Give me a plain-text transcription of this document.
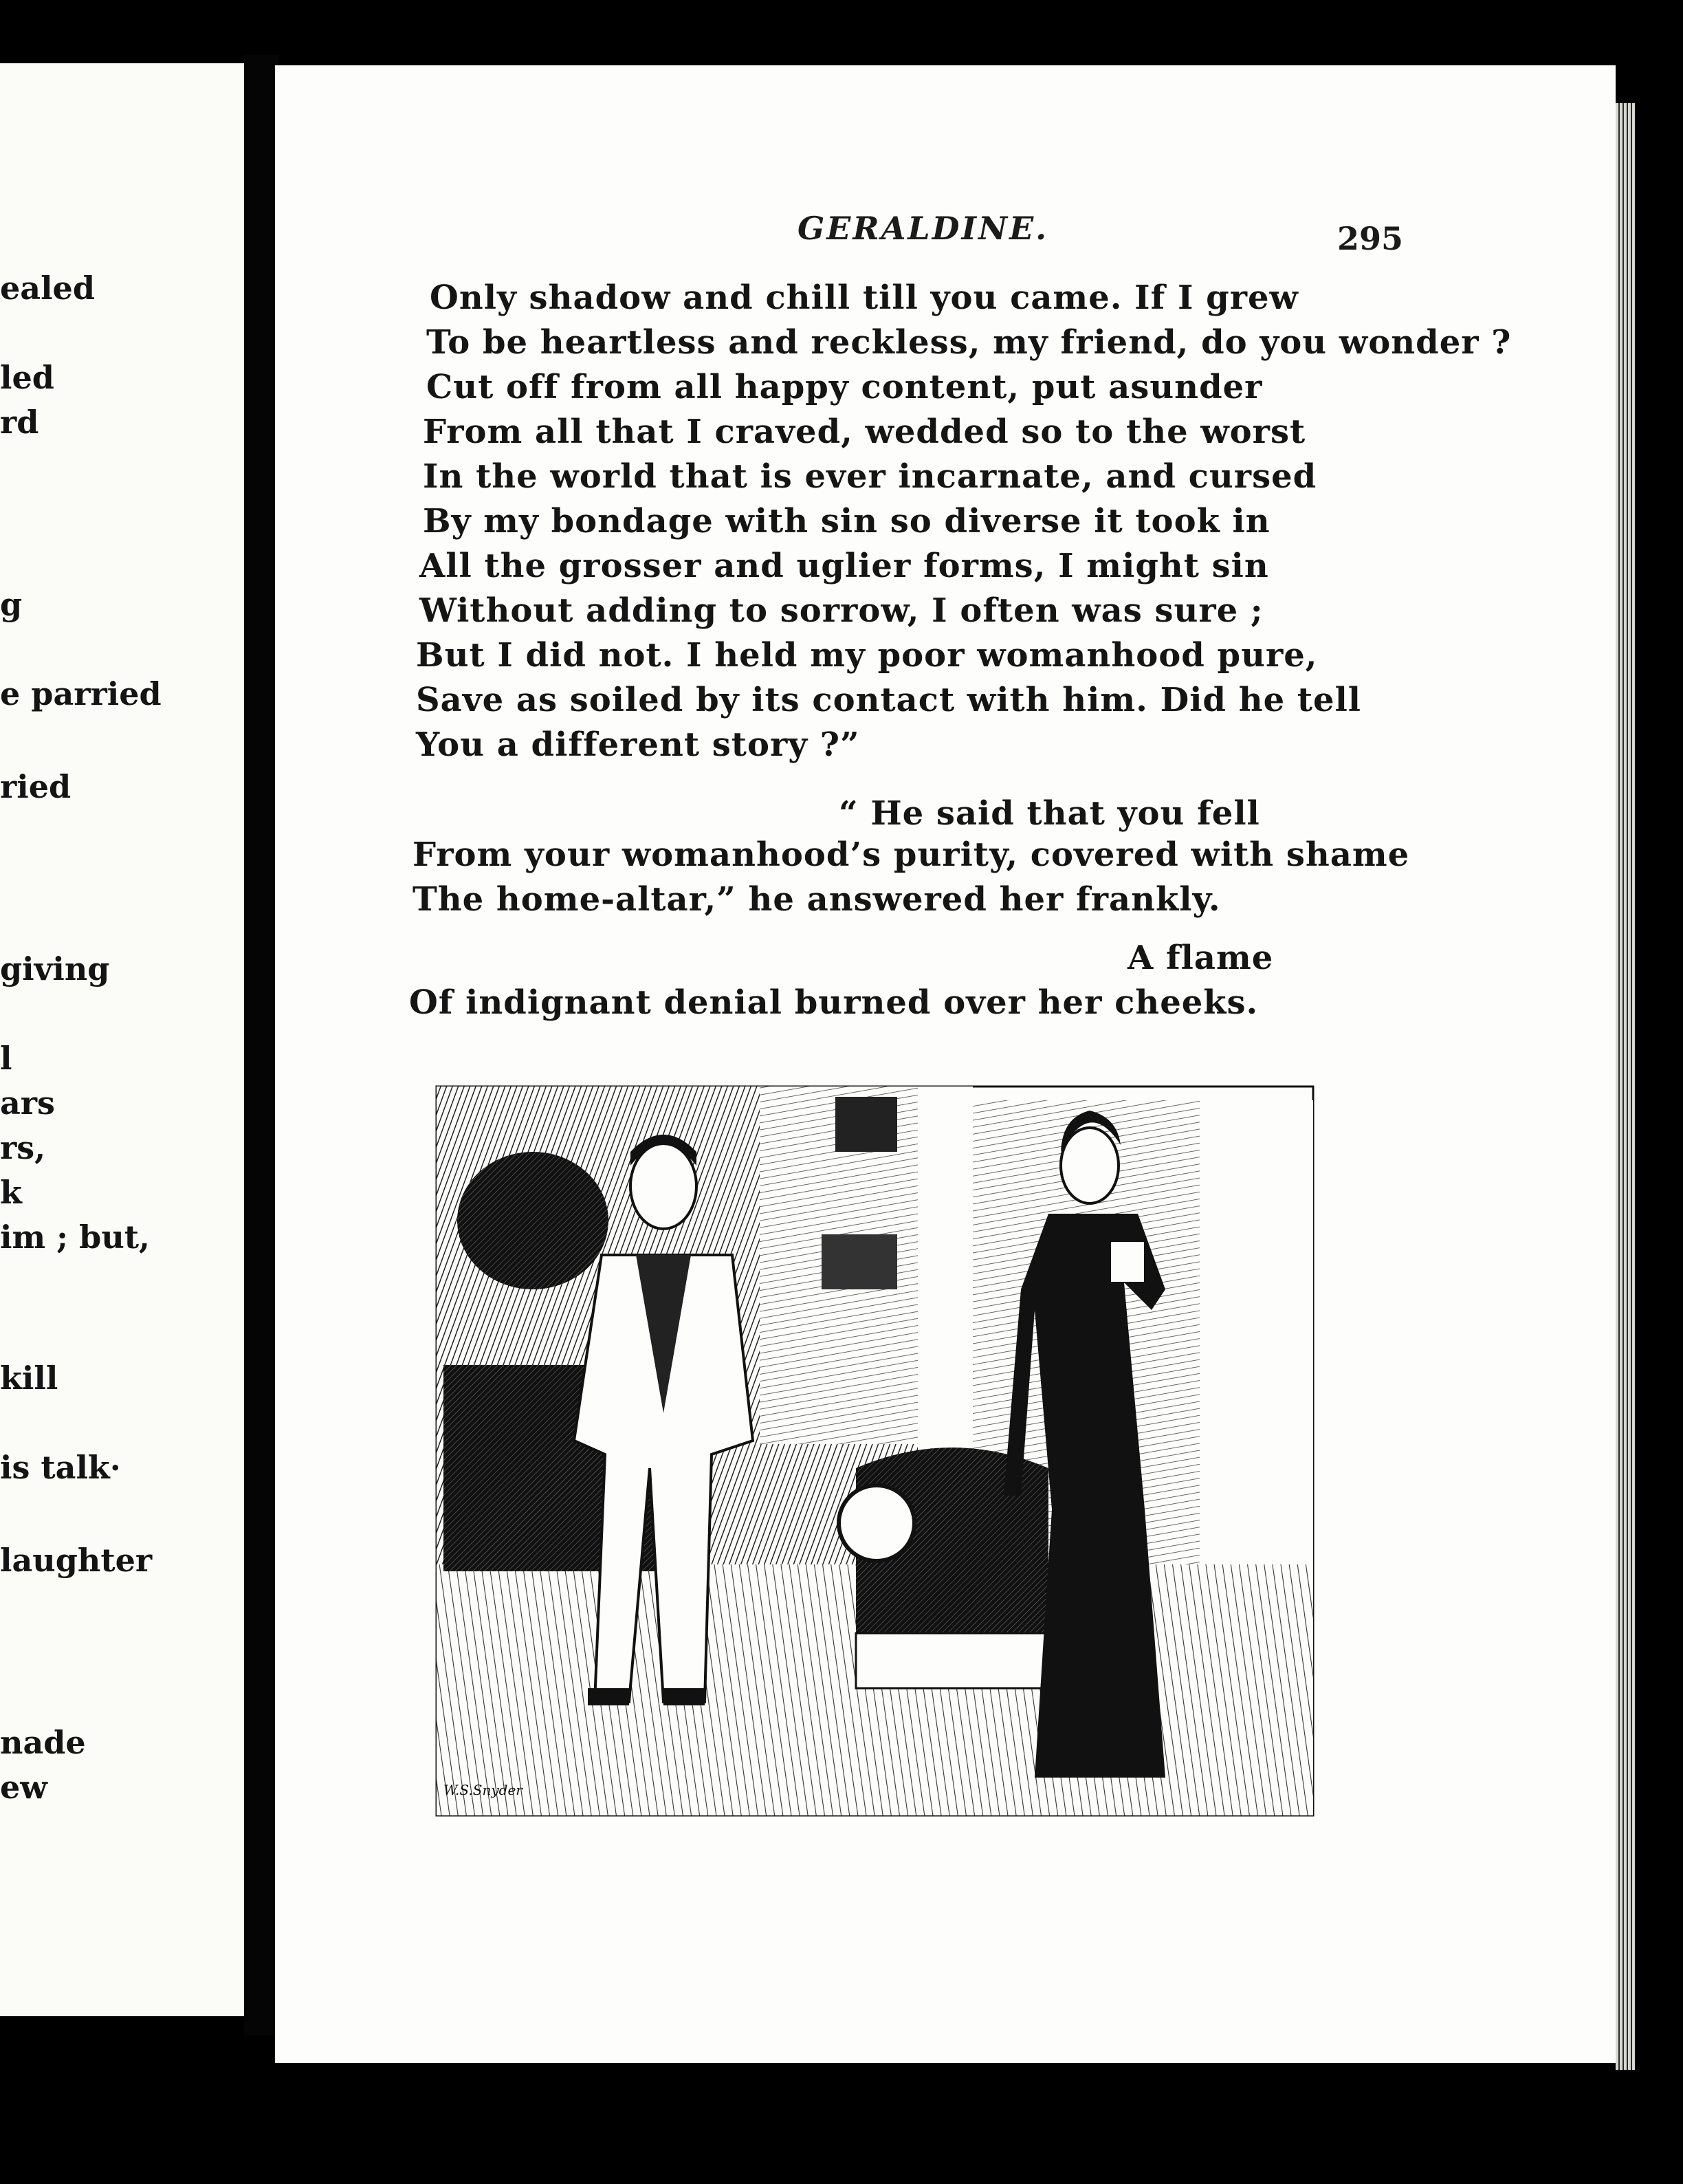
ealed
led
rd
g
e parried
ried
giving
l
ars
rs,
k
im ; but,
kill
is talk·
laughter
nade
ew
GERALDINE.	295
Only shadow and chill till you came. If I grew
To be heartless and reckless, my friend, do you wonder ?
Cut off from all happy content, put asunder
From all that I craved, wedded so to the worst
In the world that is ever incarnate, and cursed
By my bondage with sin so diverse it took in
All the grosser and uglier forms, I might sin
Without adding to sorrow, I often was sure ;
But I did not. I held my poor womanhood pure,
Save as soiled by its contact with him. Did he tell
You a different story ?”
“ He said that you fell
From your womanhood’s purity, covered with shame
The home-altar,” he answered her frankly.
A flame
Of indignant denial burned over her cheeks.
W.S.Snyder
